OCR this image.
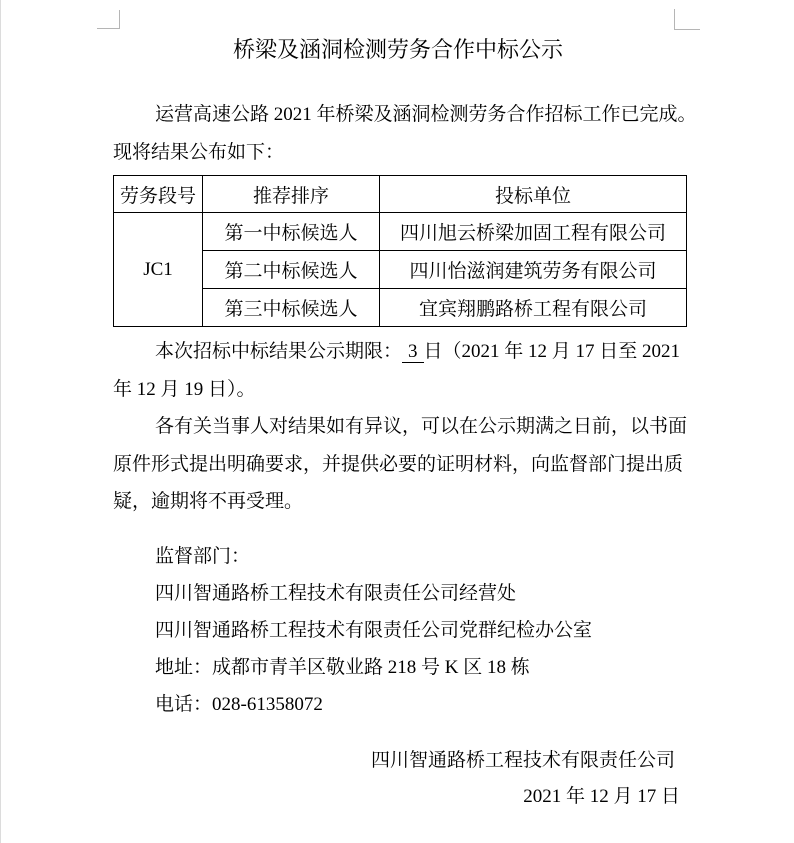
桥梁及涵洞检测劳务合作中标公示
运营高速公路 2021 年桥梁及涵洞检测劳务合作招标工作已完成。
现将结果公布如下：
劳务段号	推荐排序	投标单位
JC1	第一中标候选人	四川旭云桥梁加固工程有限公司
	第二中标候选人	四川怡滋润建筑劳务有限公司
	第三中标候选人	宜宾翔鹏路桥工程有限公司
本次招标中标结果公示期限： 3 日（2021 年 12 月 17 日至 2021
年 12 月 19 日）。
各有关当事人对结果如有异议，可以在公示期满之日前，以书面
原件形式提出明确要求，并提供必要的证明材料，向监督部门提出质
疑，逾期将不再受理。
监督部门：
四川智通路桥工程技术有限责任公司经营处
四川智通路桥工程技术有限责任公司党群纪检办公室
地址：成都市青羊区敬业路 218 号 K 区 18 栋
电话：028-61358072
四川智通路桥工程技术有限责任公司
2021 年 12 月 17 日
